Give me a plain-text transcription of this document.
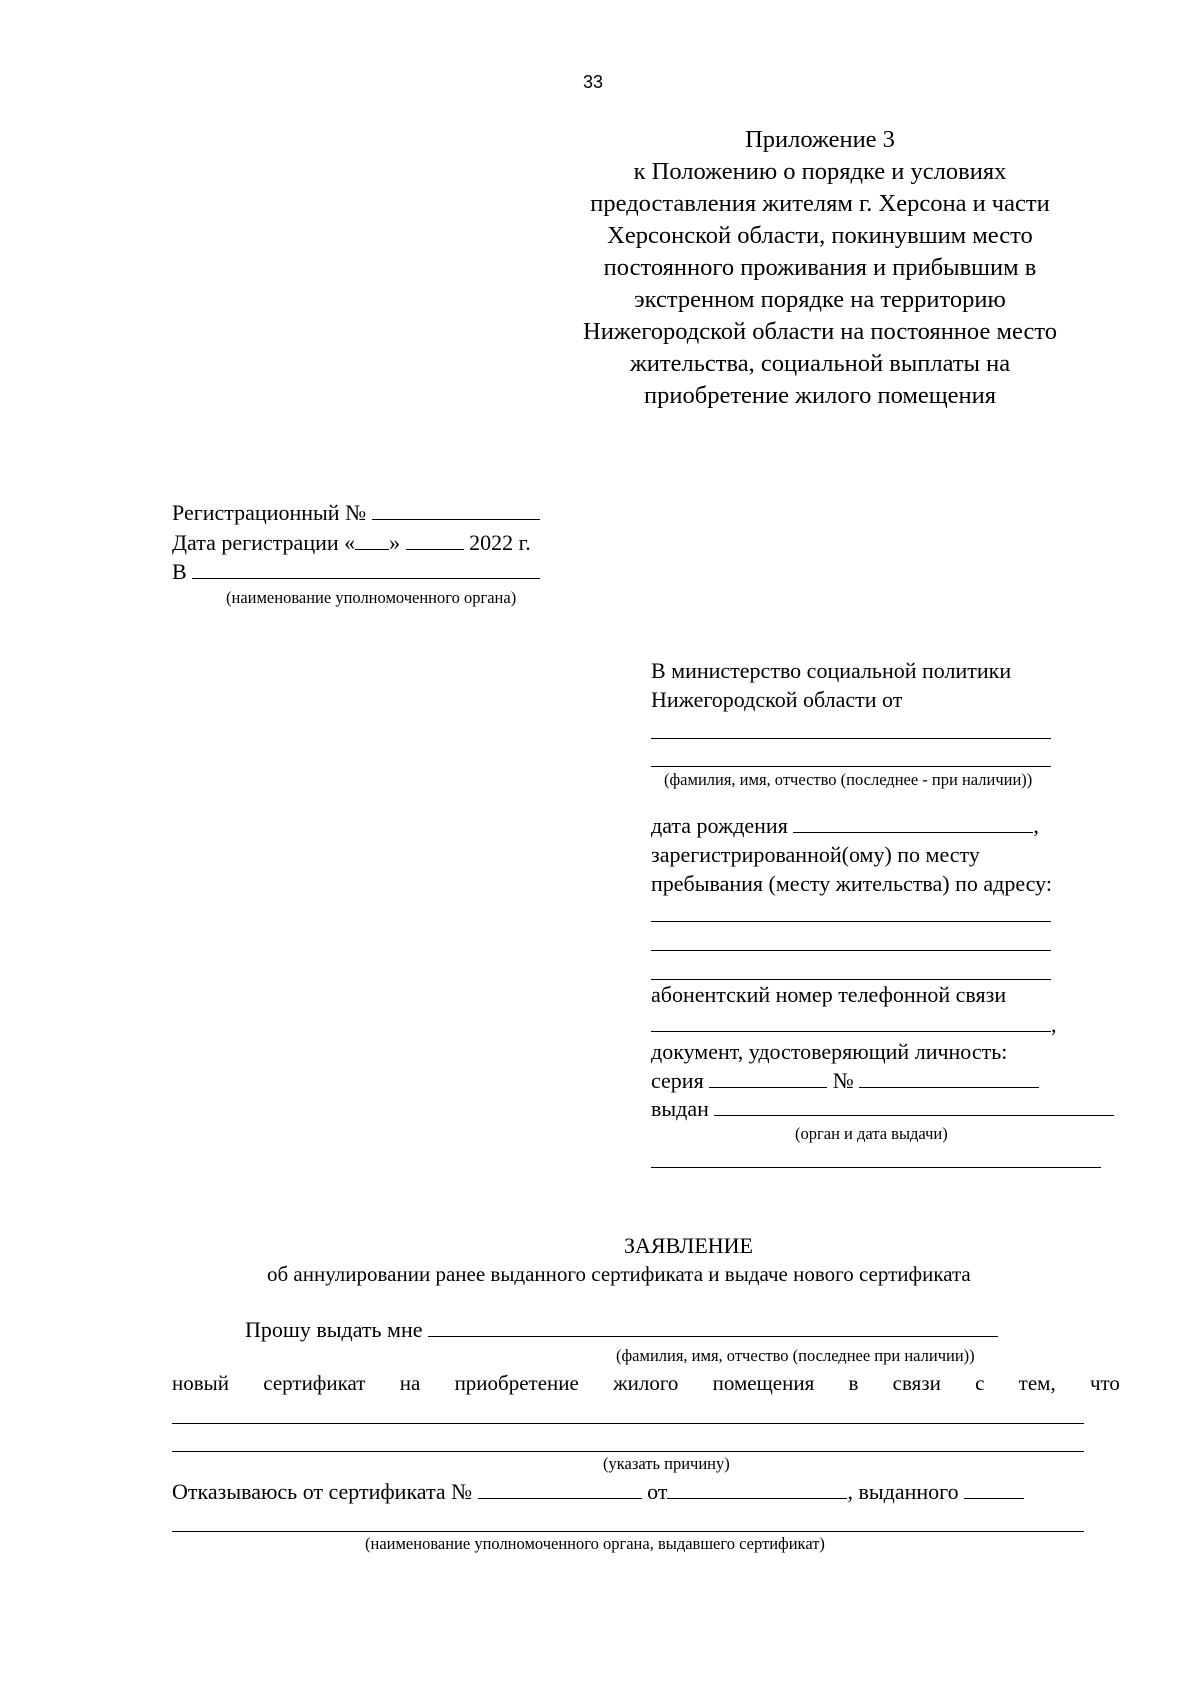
33
Приложение 3
к Положению о порядке и условиях
предоставления жителям г. Херсона и части
Херсонской области, покинувшим место
постоянного проживания и прибывшим в
экстренном порядке на территорию
Нижегородской области на постоянное место
жительства, социальной выплаты на
приобретение жилого помещения
Регистрационный №
Дата регистрации « »	2022 г.
В
(наименование уполномоченного органа)
В министерство социальной политики
Нижегородской области от
(фамилия, имя, отчество (последнее - при наличии))
дата рождения	,
зарегистрированной(ому) по месту
пребывания (месту жительства) по адресу:
абонентский номер телефонной связи
,
документ, удостоверяющий личность:
серия	№
выдан
(орган и дата выдачи)
ЗАЯВЛЕНИЕ
об аннулировании ранее выданного сертификата и выдаче нового сертификата
Прошу выдать мне
(фамилия, имя, отчество (последнее при наличии))
новый сертификат на приобретение жилого помещения в связи с тем, что
(указать причину)
Отказываюсь от сертификата №	от	, выданного
(наименование уполномоченного органа, выдавшего сертификат)
